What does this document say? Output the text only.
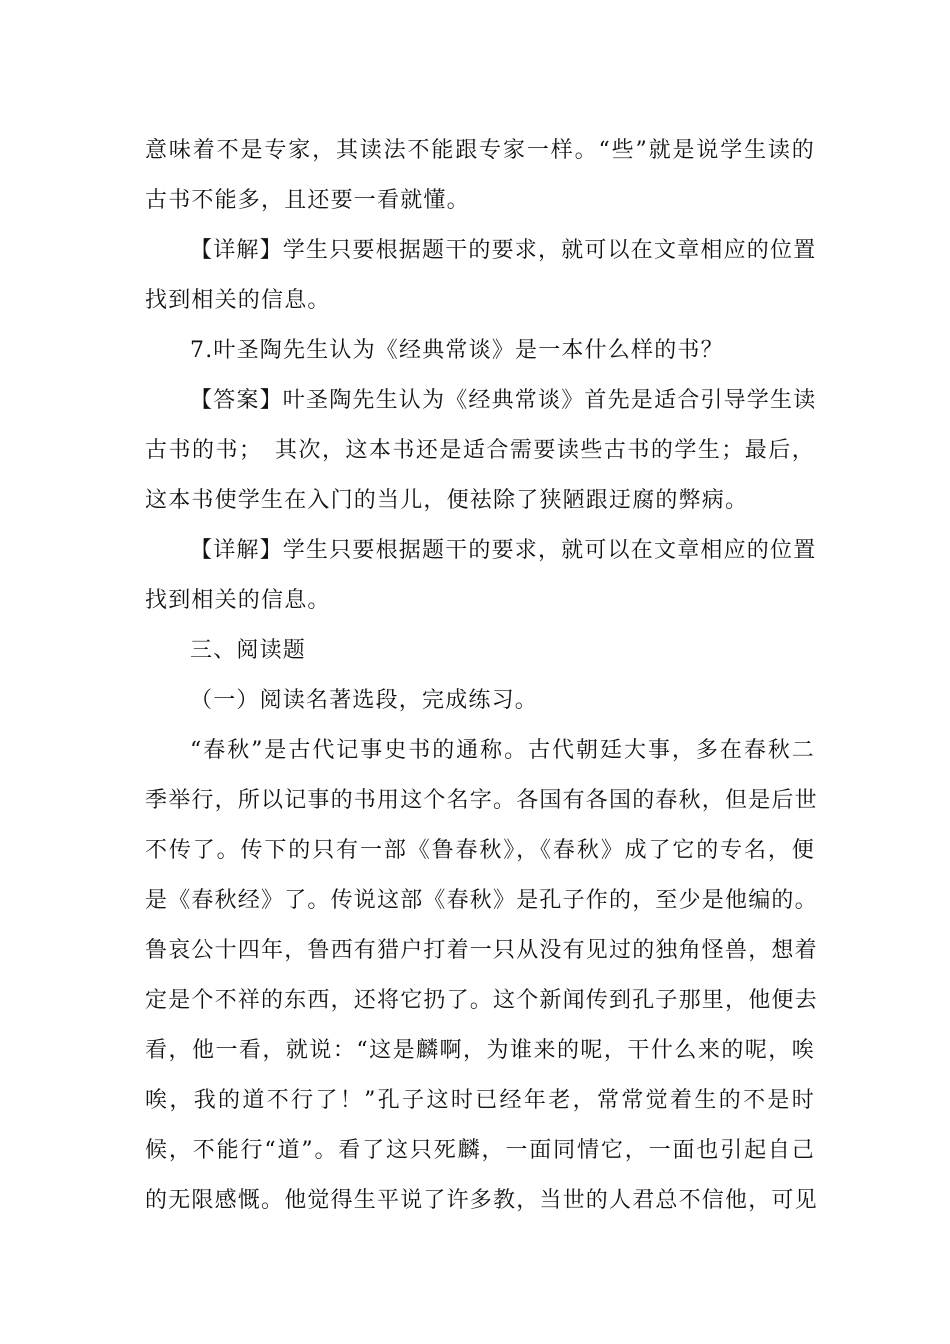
意味着不是专家，其读法不能跟专家一样。“些”就是说学生读的
古书不能多，且还要一看就懂。
【详解】学生只要根据题干的要求，就可以在文章相应的位置
找到相关的信息。
7.叶圣陶先生认为《经典常谈》是一本什么样的书？
【答案】叶圣陶先生认为《经典常谈》首先是适合引导学生读
古书的书；　其次，这本书还是适合需要读些古书的学生；最后，
这本书使学生在入门的当儿，便祛除了狭陋跟迂腐的弊病。
【详解】学生只要根据题干的要求，就可以在文章相应的位置
找到相关的信息。
三、阅读题
（一）阅读名著选段，完成练习。
“春秋”是古代记事史书的通称。古代朝廷大事，多在春秋二
季举行，所以记事的书用这个名字。各国有各国的春秋，但是后世
不传了。传下的只有一部《鲁春秋》，《春秋》成了它的专名，便
是《春秋经》了。传说这部《春秋》是孔子作的，至少是他编的。
鲁哀公十四年，鲁西有猎户打着一只从没有见过的独角怪兽，想着
定是个不祥的东西，还将它扔了。这个新闻传到孔子那里，他便去
看，他一看，就说：“这是麟啊，为谁来的呢，干什么来的呢，唉
唉，我的道不行了！”孔子这时已经年老，常常觉着生的不是时
候，不能行“道”。看了这只死麟，一面同情它，一面也引起自己
的无限感慨。他觉得生平说了许多教，当世的人君总不信他，可见
